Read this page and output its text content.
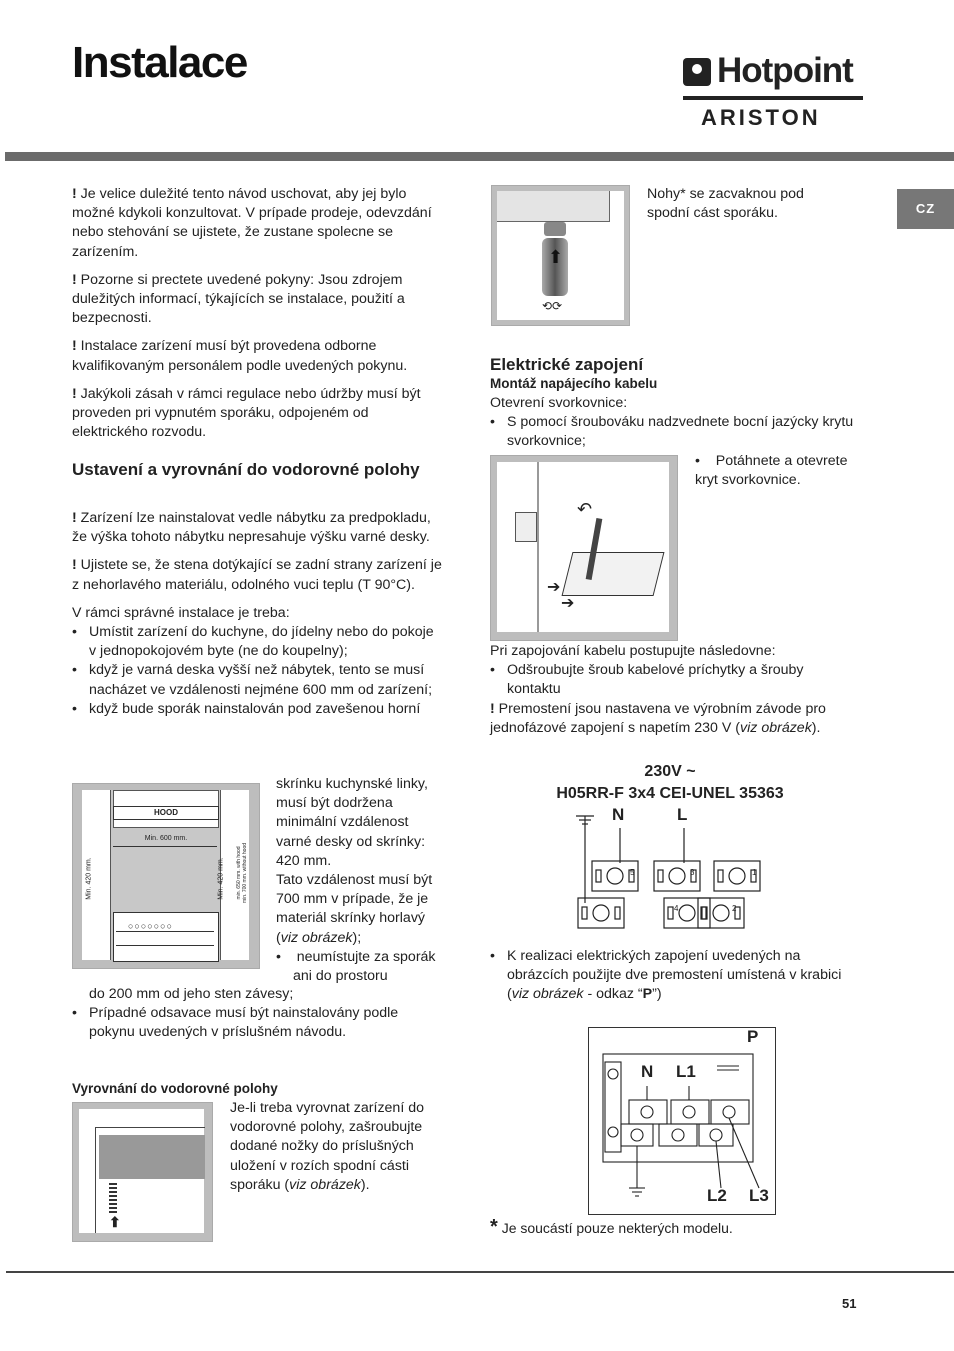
Instalace	Hotpoint
ARISTON
CZ

! Je velice duležité tento návod uschovat, aby jej bylo možné kdykoli konzultovat. V prípade prodeje, odevzdání nebo stehování se ujistete, že zustane spolecne se zarízením.

! Pozorne si prectete uvedené pokyny: Jsou zdrojem duležitých informací, týkajících se instalace, použití a bezpecnosti.

! Instalace zarízení musí být provedena odborne kvalifikovaným personálem podle uvedených pokynu.

! Jakýkoli zásah v rámci regulace nebo údržby musí být proveden pri vypnutém sporáku, odpojeném od elektrického rozvodu.

Ustavení a vyrovnání do vodorovné polohy

! Zarízení lze nainstalovat vedle nábytku za predpokladu, že výška tohoto nábytku nepresahuje výšku varné desky.

! Ujistete se, že stena dotýkající se zadní strany zarízení je z nehorlavého materiálu, odolného vuci teplu (T 90°C).

V rámci správné instalace je treba:

• Umístit zarízení do kuchyne, do jídelny nebo do pokoje v jednopokojovém byte (ne do koupelny);
• když je varná deska vyšší než nábytek, tento se musí nacházet ve vzdálenosti nejméne 600 mm od zarízení;
• když bude sporák nainstalován pod zavešenou horní
HOOD
Min. 600 mm.
Min. 420 mm.	Min. 420 mm. min. 650 mm. with hood min. 700 mm. without hood
○○○○○○○

skrínku kuchynské linky, musí být dodržena minimální vzdálenost varné desky od skrínky: 420 mm.

Tato vzdálenost musí být 700 mm v prípade, že je materiál skrínky horlavý (viz obrázek);

•    neumístujte za sporák ani do prostoru

do 200 mm od jeho sten závesy;

• Prípadné odsavace musí být nainstalovány podle pokynu uvedených v príslušném návodu.
Vyrovnání do vodorovné polohy
⬆

Je-li treba vyrovnat zarízení do vodorovné polohy, zašroubujte dodané nožky do príslušných uložení v rozích spodní cásti sporáku (viz obrázek).

⬆
⟲⟳
Nohy* se zacvaknou pod spodní cást sporáku.
Elektrické zapojení
Montáž napájecího kabelu

Otevrení svorkovnice:

• S pomocí šroubováku nadzvednete bocní jazýcky krytu svorkovnice;
↶
➔
➔

•    Potáhnete a otevrete kryt svorkovnice.

Pri zapojování kabelu postupujte následovne:

• Odšroubujte šroub kabelové príchytky a šrouby kontaktu

! Premostení jsou nastavena ve výrobním závode pro jednofázové zapojení s napetím 230 V (viz obrázek).

230V ~
H05RR-F 3x4 CEI-UNEL 35363
N	L
5	3	1
4	2
• K realizaci elektrických zapojení uvedených na obrázcích použijte dve premostení umístená v krabici (viz obrázek - odkaz “P”)
P
N L1
L2 L3
* Je soucástí pouze nekterých modelu.
51
